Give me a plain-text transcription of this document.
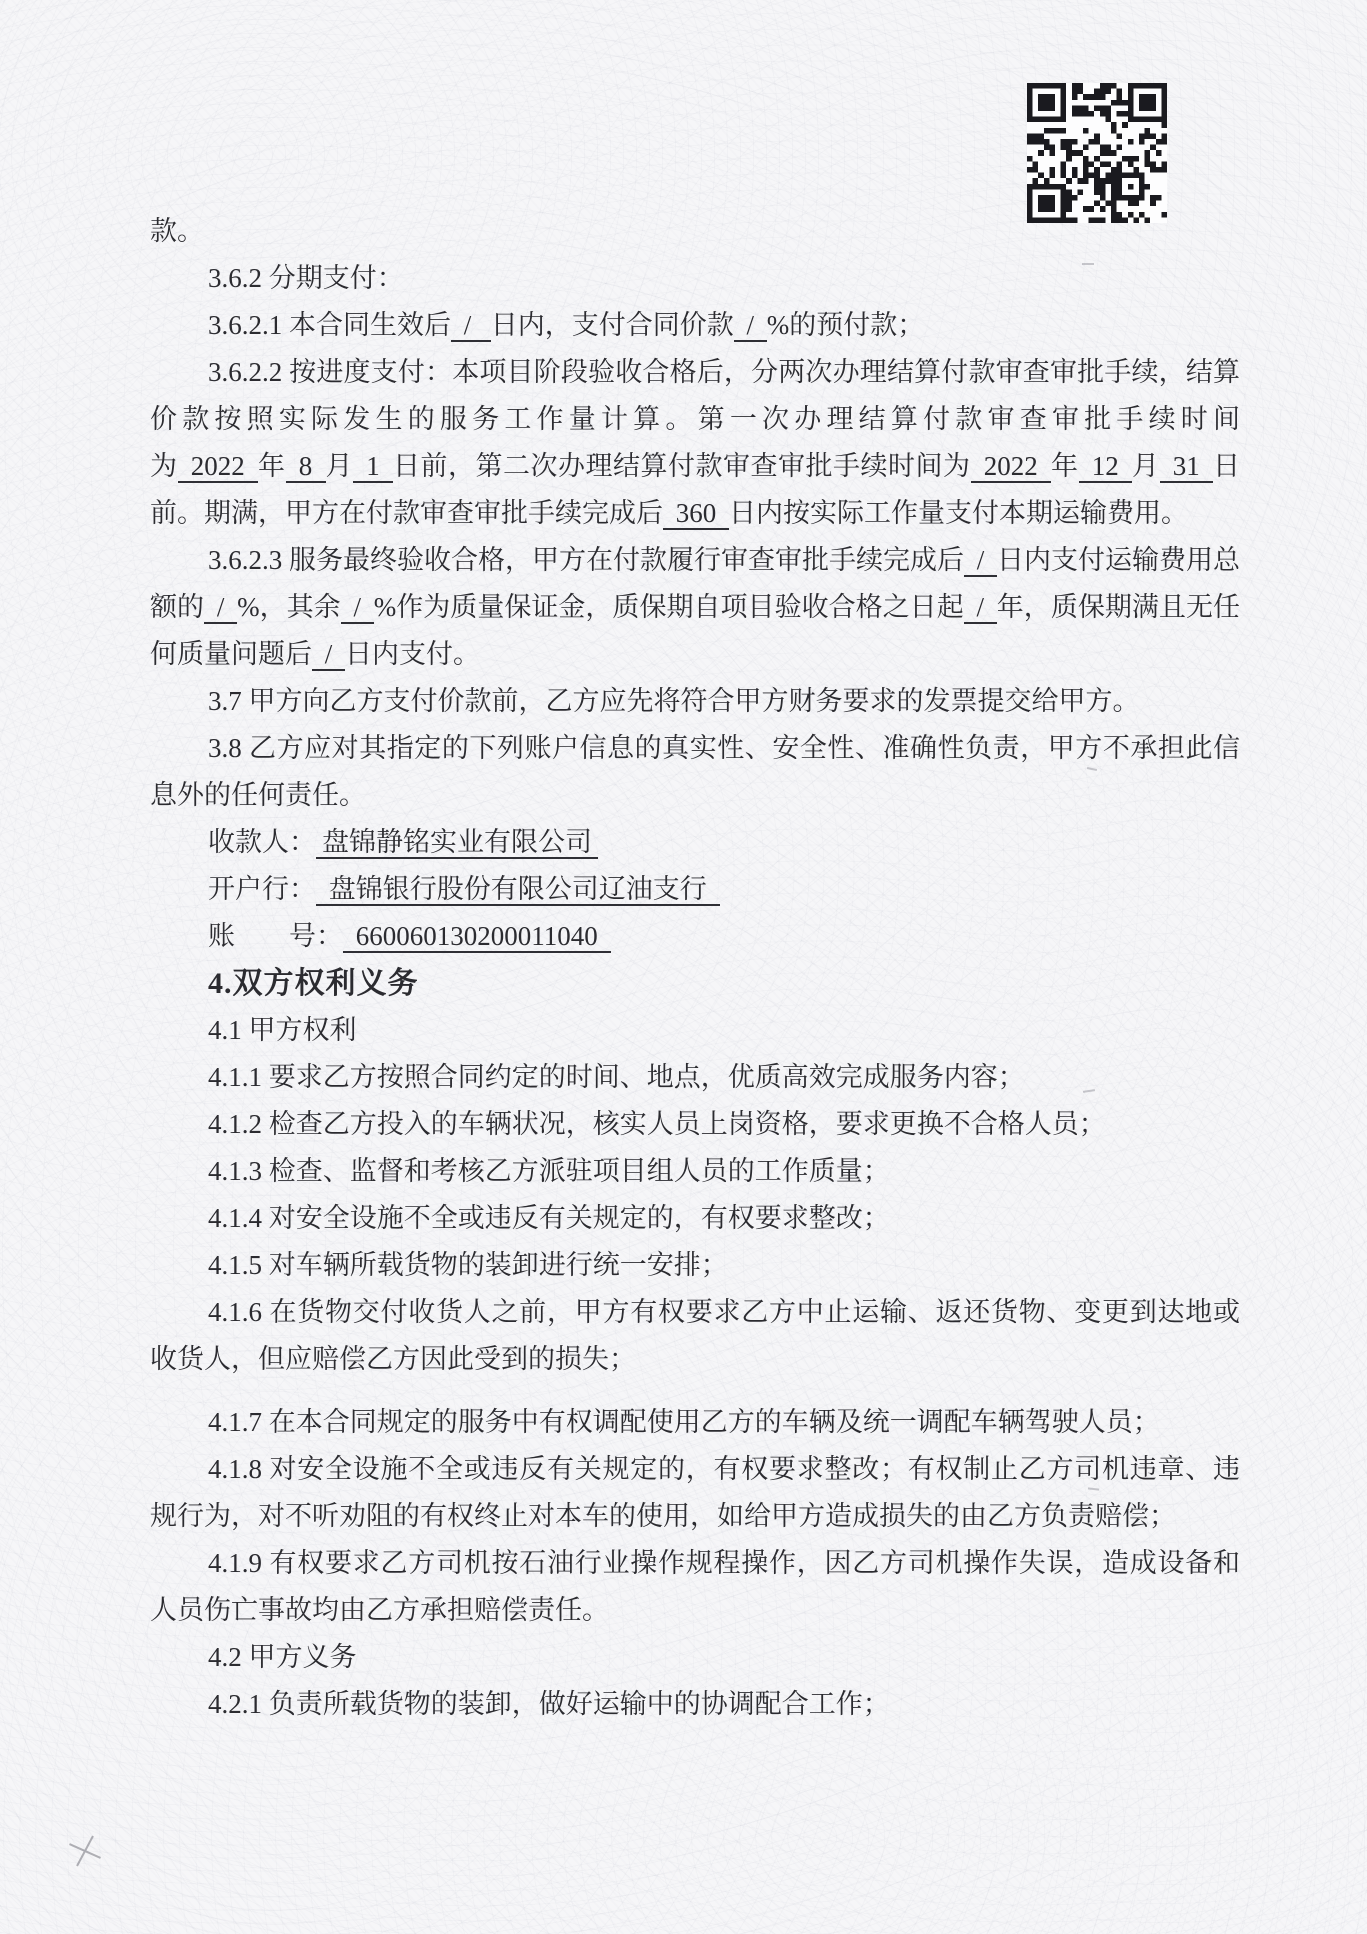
款。

3.6.2 分期支付：

3.6.2.1 本合同生效后 /  日内，支付合同价款 / %的预付款；

3.6.2.2 按进度支付：本项目阶段验收合格后，分两次办理结算付款审查审批手续，结算价款按照实际发生的服务工作量计算。第一次办理结算付款审查审批手续时间为 2022 年 8 月 1 日前，第二次办理结算付款审查审批手续时间为 2022 年 12 月 31 日前。期满，甲方在付款审查审批手续完成后 360 日内按实际工作量支付本期运输费用。

3.6.2.3 服务最终验收合格，甲方在付款履行审查审批手续完成后 / 日内支付运输费用总额的 / %，其余 / %作为质量保证金，质保期自项目验收合格之日起 / 年，质保期满且无任何质量问题后 / 日内支付。

3.7 甲方向乙方支付价款前，乙方应先将符合甲方财务要求的发票提交给甲方。

3.8 乙方应对其指定的下列账户信息的真实性、安全性、准确性负责，甲方不承担此信息外的任何责任。

收款人： 盘锦静铭实业有限公司

开户行： 盘锦银行股份有限公司辽油支行

账　　号： 660060130200011040

4.双方权利义务

4.1 甲方权利

4.1.1 要求乙方按照合同约定的时间、地点，优质高效完成服务内容；

4.1.2 检查乙方投入的车辆状况，核实人员上岗资格，要求更换不合格人员；

4.1.3 检查、监督和考核乙方派驻项目组人员的工作质量；

4.1.4 对安全设施不全或违反有关规定的，有权要求整改；

4.1.5 对车辆所载货物的装卸进行统一安排；

4.1.6 在货物交付收货人之前，甲方有权要求乙方中止运输、返还货物、变更到达地或收货人，但应赔偿乙方因此受到的损失；

4.1.7 在本合同规定的服务中有权调配使用乙方的车辆及统一调配车辆驾驶人员；

4.1.8 对安全设施不全或违反有关规定的，有权要求整改；有权制止乙方司机违章、违规行为，对不听劝阻的有权终止对本车的使用，如给甲方造成损失的由乙方负责赔偿；

4.1.9 有权要求乙方司机按石油行业操作规程操作，因乙方司机操作失误，造成设备和人员伤亡事故均由乙方承担赔偿责任。

4.2 甲方义务

4.2.1 负责所载货物的装卸，做好运输中的协调配合工作；
